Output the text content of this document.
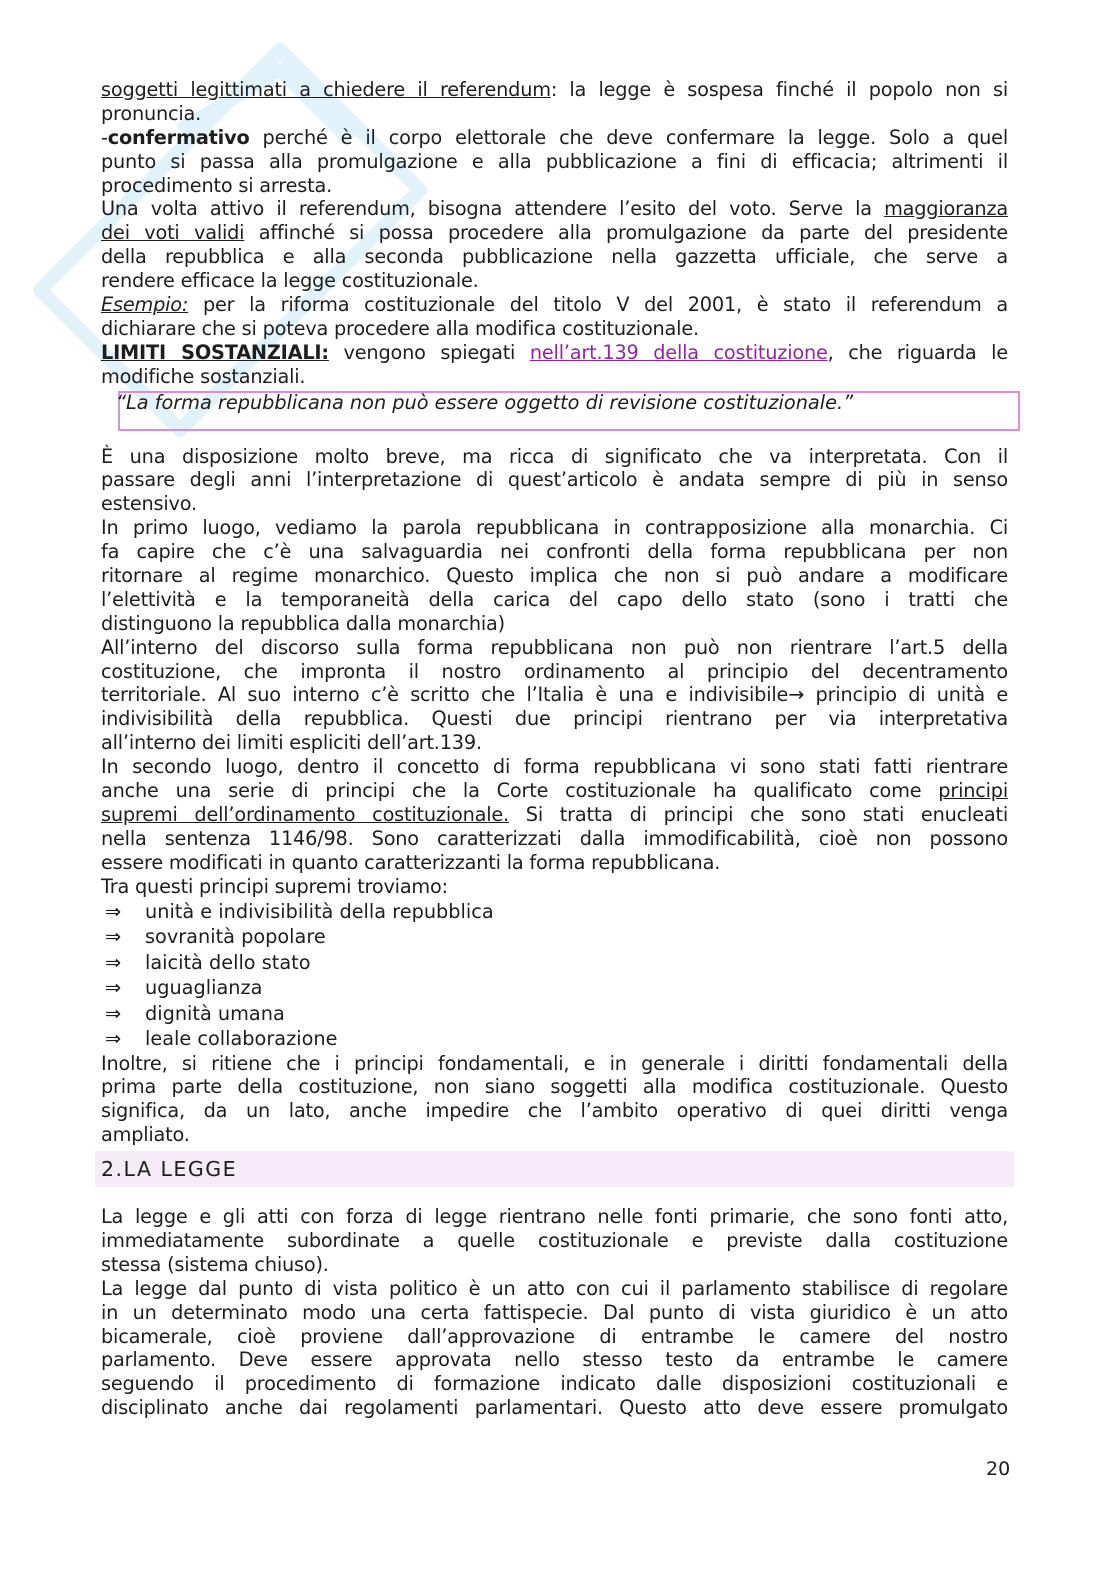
soggetti legittimati a chiedere il referendum: la legge è sospesa finché il popolo non si

pronuncia.

-confermativo perché è il corpo elettorale che deve confermare la legge. Solo a quel

punto si passa alla promulgazione e alla pubblicazione a fini di efficacia; altrimenti il

procedimento si arresta.

Una volta attivo il referendum, bisogna attendere l’esito del voto. Serve la maggioranza

dei voti validi affinché si possa procedere alla promulgazione da parte del presidente

della repubblica e alla seconda pubblicazione nella gazzetta ufficiale, che serve a

rendere efficace la legge costituzionale.

Esempio: per la riforma costituzionale del titolo V del 2001, è stato il referendum a

dichiarare che si poteva procedere alla modifica costituzionale.

LIMITI SOSTANZIALI: vengono spiegati nell’art.139 della costituzione, che riguarda le

modifiche sostanziali.

“La forma repubblicana non può essere oggetto di revisione costituzionale.”

È una disposizione molto breve, ma ricca di significato che va interpretata. Con il

passare degli anni l’interpretazione di quest’articolo è andata sempre di più in senso

estensivo.

In primo luogo, vediamo la parola repubblicana in contrapposizione alla monarchia. Ci

fa capire che c’è una salvaguardia nei confronti della forma repubblicana per non

ritornare al regime monarchico. Questo implica che non si può andare a modificare

l’elettività e la temporaneità della carica del capo dello stato (sono i tratti che

distinguono la repubblica dalla monarchia)

All’interno del discorso sulla forma repubblicana non può non rientrare l’art.5 della

costituzione, che impronta il nostro ordinamento al principio del decentramento

territoriale. Al suo interno c’è scritto che l’Italia è una e indivisibile→ principio di unità e

indivisibilità della repubblica. Questi due principi rientrano per via interpretativa

all’interno dei limiti espliciti dell’art.139.

In secondo luogo, dentro il concetto di forma repubblicana vi sono stati fatti rientrare

anche una serie di principi che la Corte costituzionale ha qualificato come principi

supremi dell’ordinamento costituzionale. Si tratta di principi che sono stati enucleati

nella sentenza 1146/98. Sono caratterizzati dalla immodificabilità, cioè non possono

essere modificati in quanto caratterizzanti la forma repubblicana.

Tra questi principi supremi troviamo:

⇒ unità e indivisibilità della repubblica
⇒ sovranità popolare
⇒ laicità dello stato
⇒ uguaglianza
⇒ dignità umana
⇒ leale collaborazione

Inoltre, si ritiene che i principi fondamentali, e in generale i diritti fondamentali della

prima parte della costituzione, non siano soggetti alla modifica costituzionale. Questo

significa, da un lato, anche impedire che l’ambito operativo di quei diritti venga

ampliato.

2.LA LEGGE

La legge e gli atti con forza di legge rientrano nelle fonti primarie, che sono fonti atto,

immediatamente subordinate a quelle costituzionale e previste dalla costituzione

stessa (sistema chiuso).

La legge dal punto di vista politico è un atto con cui il parlamento stabilisce di regolare

in un determinato modo una certa fattispecie. Dal punto di vista giuridico è un atto

bicamerale, cioè proviene dall’approvazione di entrambe le camere del nostro

parlamento. Deve essere approvata nello stesso testo da entrambe le camere

seguendo il procedimento di formazione indicato dalle disposizioni costituzionali e

disciplinato anche dai regolamenti parlamentari. Questo atto deve essere promulgato

20
